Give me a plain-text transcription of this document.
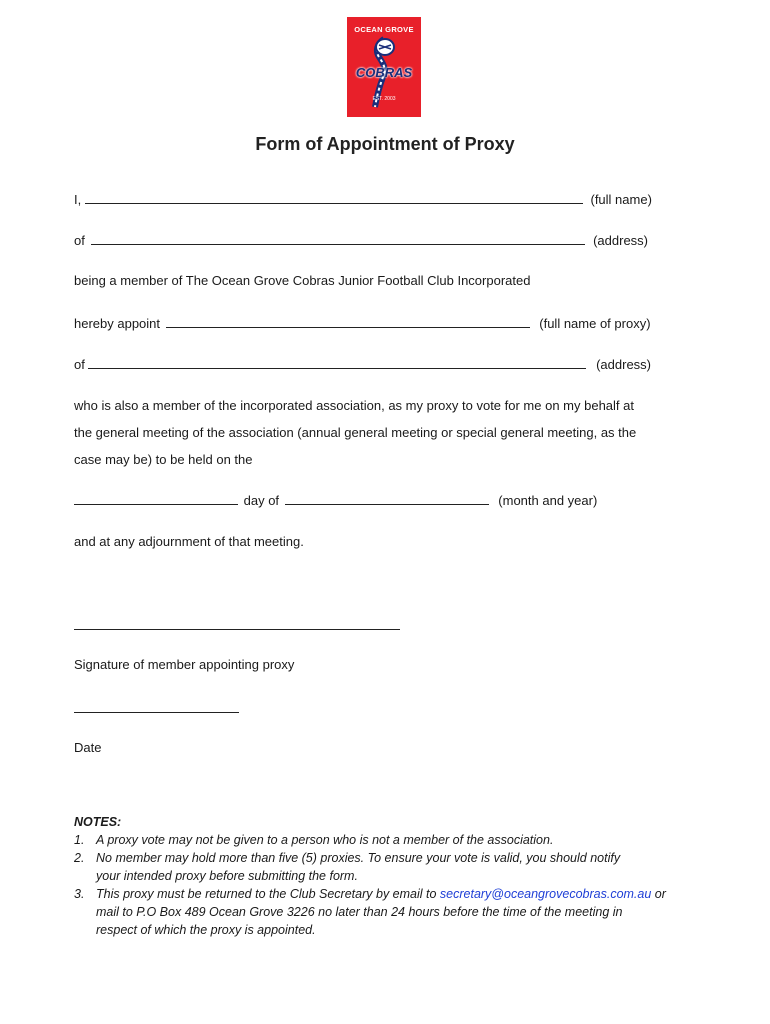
OCEAN GROVE
COBRAS
EST. 2003
Form of Appointment of Proxy
I,	(full name)
of	(address)
being a member of The Ocean Grove Cobras Junior Football Club Incorporated
hereby appoint	(full name of proxy)
of	(address)
who is also a member of the incorporated association, as my proxy to vote for me on my behalf at
the general meeting of the association (annual general meeting or special general meeting, as the
case may be) to be held on the
day of	(month and year)
and at any adjournment of that meeting.
Signature of member appointing proxy
Date
NOTES:
1. A proxy vote may not be given to a person who is not a member of the association.
2. No member may hold more than five (5) proxies. To ensure your vote is valid, you should notify
your intended proxy before submitting the form.
3. This proxy must be returned to the Club Secretary by email to secretary@oceangrovecobras.com.au or
mail to P.O Box 489 Ocean Grove 3226 no later than 24 hours before the time of the meeting in
respect of which the proxy is appointed.
